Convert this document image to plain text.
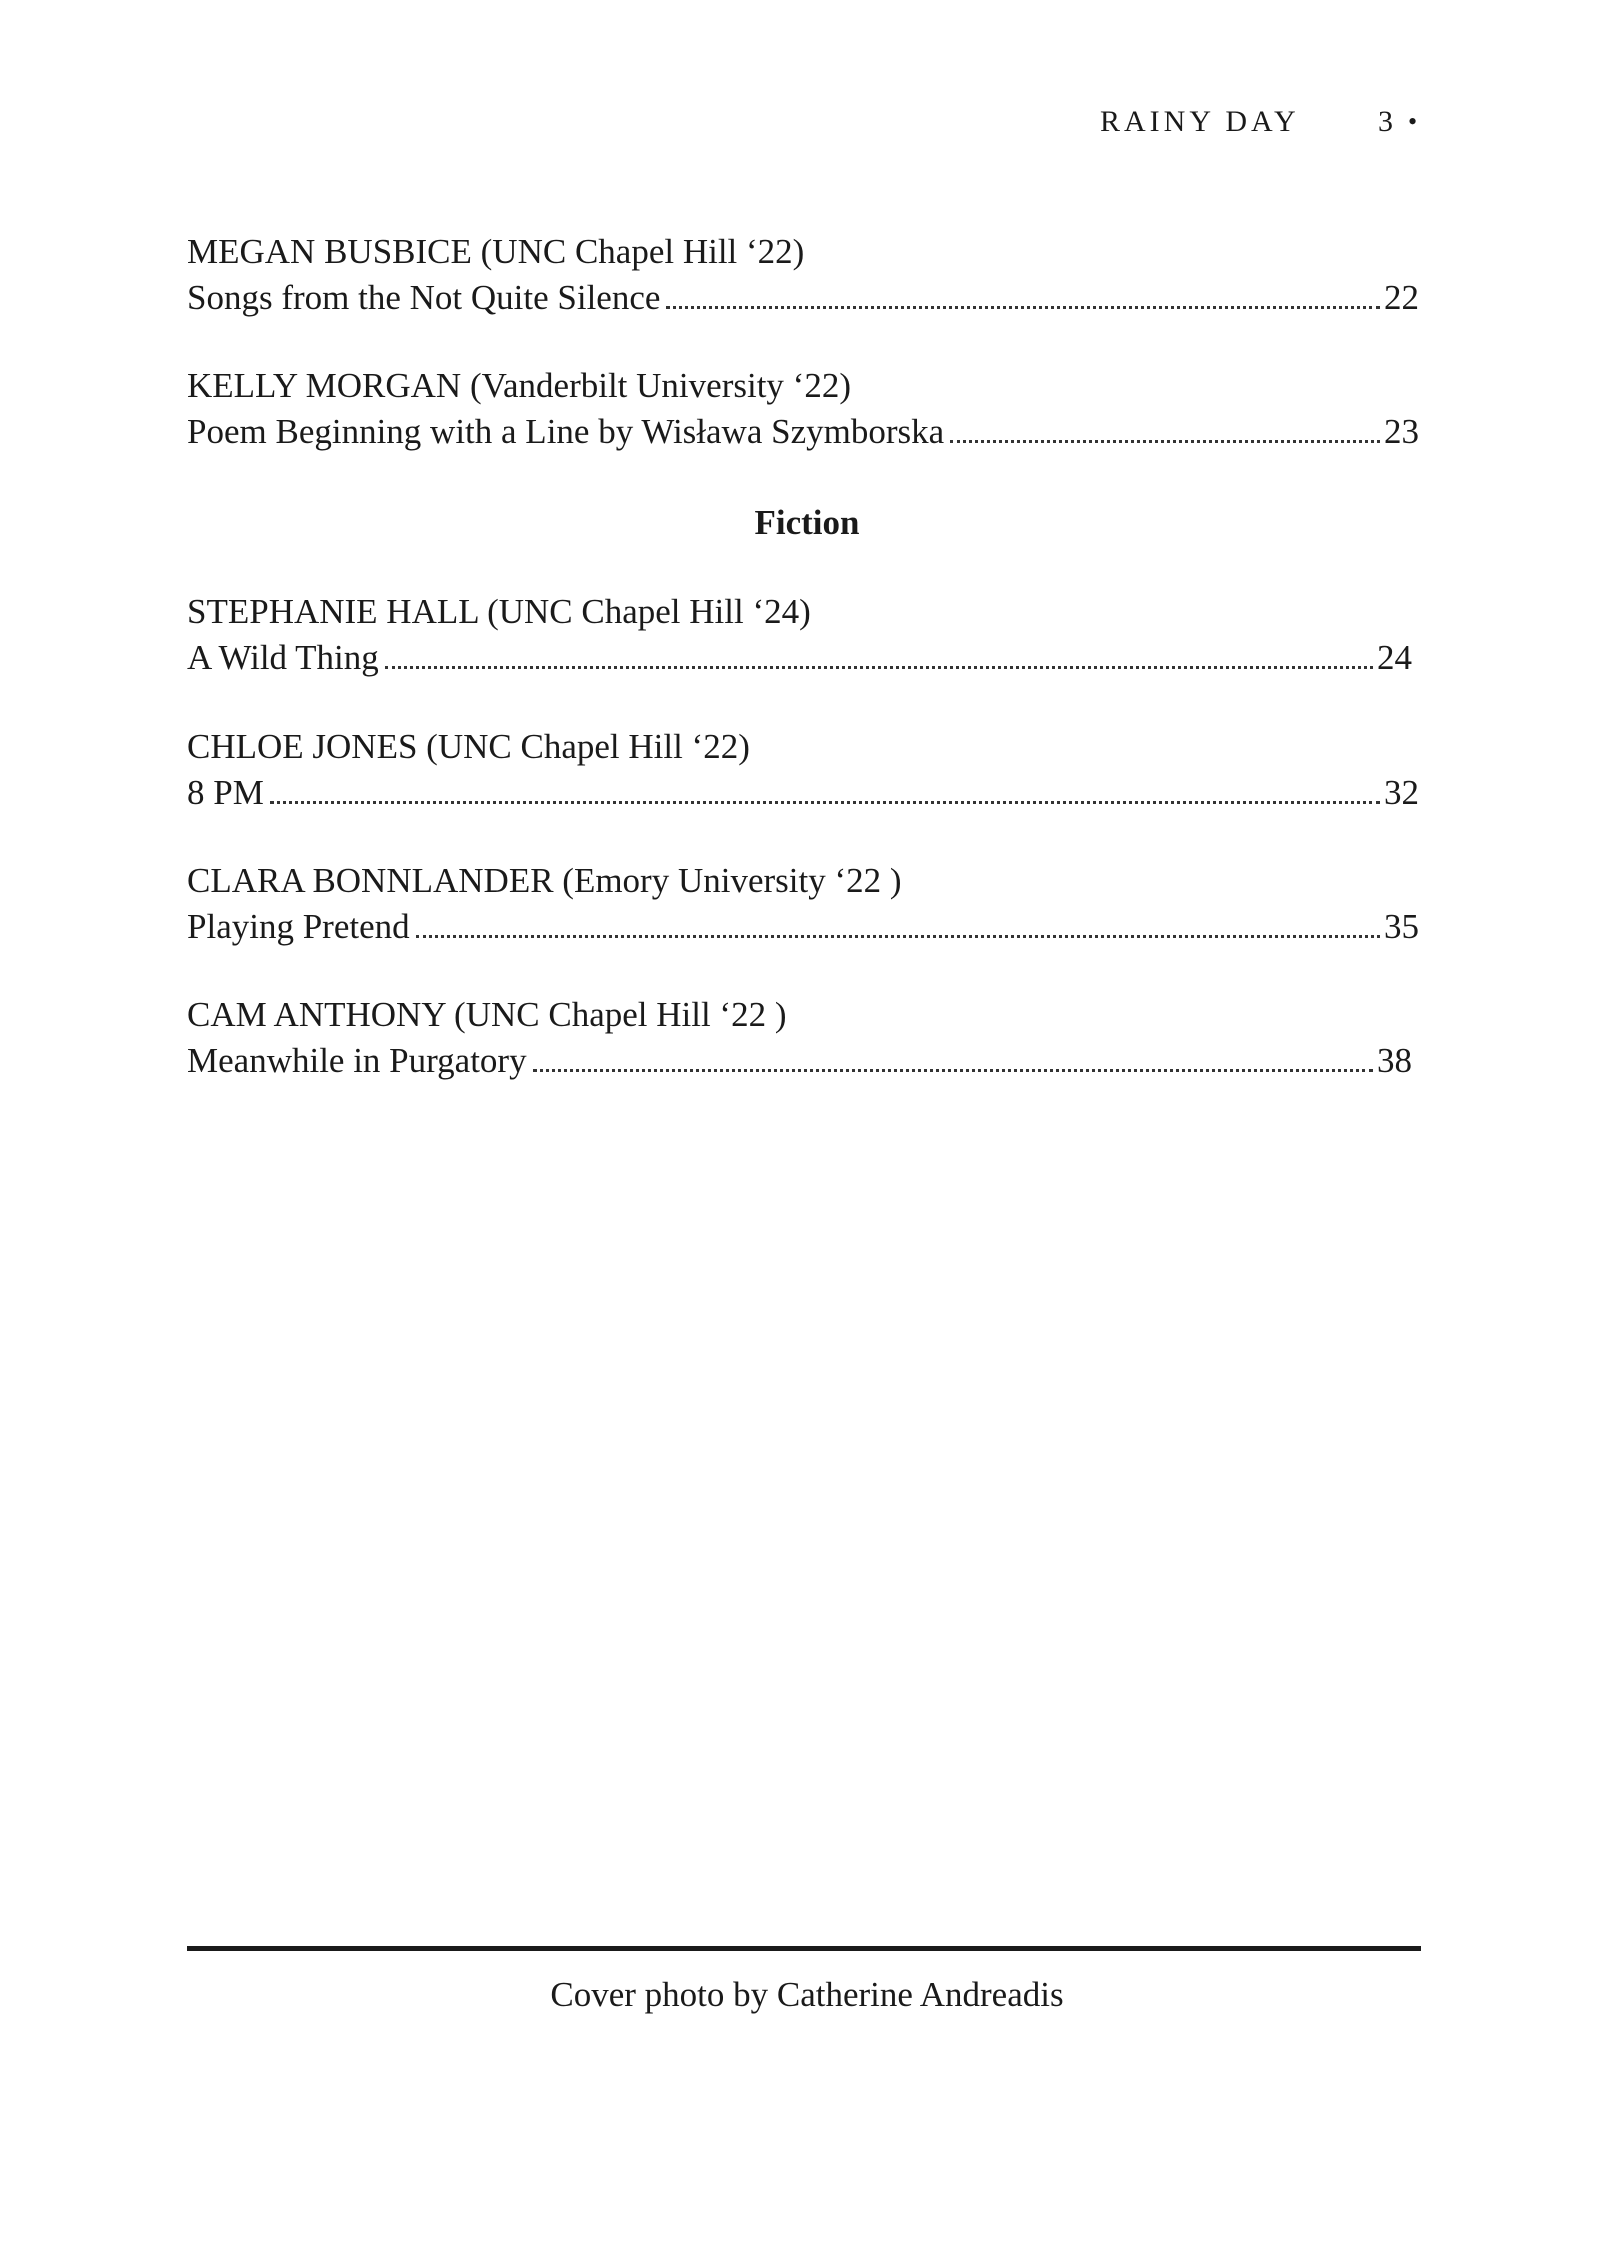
RAINY DAY	3 •
MEGAN BUSBICE (UNC Chapel Hill ‘22)
Songs from the Not Quite Silence	22
KELLY MORGAN (Vanderbilt University ‘22)
Poem Beginning with a Line by Wisława Szymborska	23
Fiction
STEPHANIE HALL (UNC Chapel Hill ‘24)
A Wild Thing	24
CHLOE JONES (UNC Chapel Hill ‘22)
8 PM	32
CLARA BONNLANDER (Emory University ‘22 )
Playing Pretend	35
CAM ANTHONY (UNC Chapel Hill ‘22 )
Meanwhile in Purgatory	38
Cover photo by Catherine Andreadis
